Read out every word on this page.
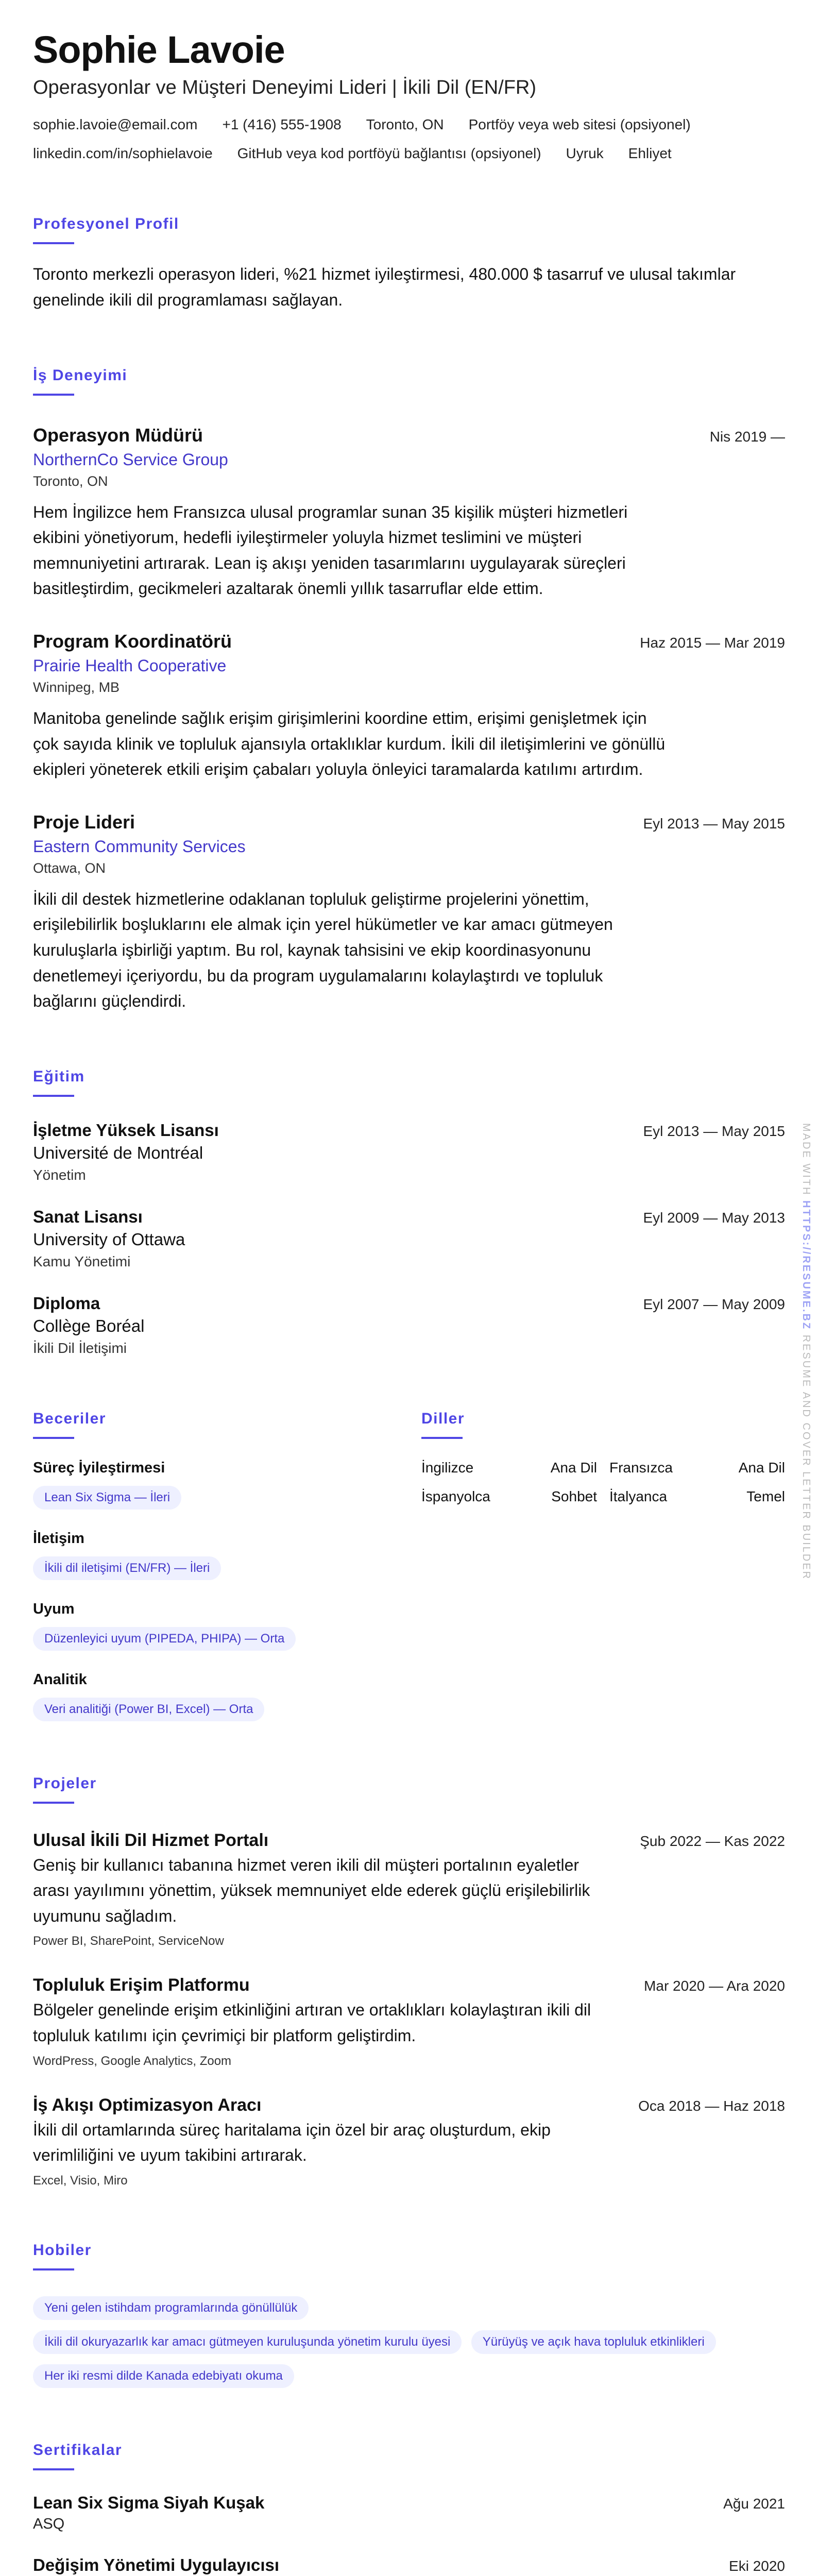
Sophie Lavoie
Operasyonlar ve Müşteri Deneyimi Lideri | İkili Dil (EN/FR)
sophie.lavoie@email.com +1 (416) 555-1908 Toronto, ON Portföy veya web sitesi (opsiyonel)
linkedin.com/in/sophielavoie GitHub veya kod portföyü bağlantısı (opsiyonel) Uyruk Ehliyet
Profesyonel Profil
Toronto merkezli operasyon lideri, %21 hizmet iyileştirmesi, 480.000 $ tasarruf ve ulusal takımlar genelinde ikili dil programlaması sağlayan.
İş Deneyimi
Operasyon Müdürü	Nis 2019 —
NorthernCo Service Group
Toronto, ON
Hem İngilizce hem Fransızca ulusal programlar sunan 35 kişilik müşteri hizmetleri ekibini yönetiyorum, hedefli iyileştirmeler yoluyla hizmet teslimini ve müşteri memnuniyetini artırarak. Lean iş akışı yeniden tasarımlarını uygulayarak süreçleri basitleştirdim, gecikmeleri azaltarak önemli yıllık tasarruflar elde ettim.
Program Koordinatörü	Haz 2015 — Mar 2019
Prairie Health Cooperative
Winnipeg, MB
Manitoba genelinde sağlık erişim girişimlerini koordine ettim, erişimi genişletmek için çok sayıda klinik ve topluluk ajansıyla ortaklıklar kurdum. İkili dil iletişimlerini ve gönüllü ekipleri yöneterek etkili erişim çabaları yoluyla önleyici taramalarda katılımı artırdım.
Proje Lideri	Eyl 2013 — May 2015
Eastern Community Services
Ottawa, ON
İkili dil destek hizmetlerine odaklanan topluluk geliştirme projelerini yönettim, erişilebilirlik boşluklarını ele almak için yerel hükümetler ve kar amacı gütmeyen kuruluşlarla işbirliği yaptım. Bu rol, kaynak tahsisini ve ekip koordinasyonunu denetlemeyi içeriyordu, bu da program uygulamalarını kolaylaştırdı ve topluluk bağlarını güçlendirdi.
Eğitim
İşletme Yüksek Lisansı	Eyl 2013 — May 2015
Université de Montréal
Yönetim
Sanat Lisansı	Eyl 2009 — May 2013
University of Ottawa
Kamu Yönetimi
Diploma	Eyl 2007 — May 2009
Collège Boréal
İkili Dil İletişimi
Beceriler
Süreç İyileştirmesi
Lean Six Sigma — İleri
İletişim
İkili dil iletişimi (EN/FR) — İleri
Uyum
Düzenleyici uyum (PIPEDA, PHIPA) — Orta
Analitik
Veri analitiği (Power BI, Excel) — Orta
Diller
İngilizce	Ana Dil Fransızca	Ana Dil
İspanyolca	Sohbet İtalyanca	Temel
Projeler
Ulusal İkili Dil Hizmet Portalı	Şub 2022 — Kas 2022
Geniş bir kullanıcı tabanına hizmet veren ikili dil müşteri portalının eyaletler arası yayılımını yönettim, yüksek memnuniyet elde ederek güçlü erişilebilirlik uyumunu sağladım.
Power BI, SharePoint, ServiceNow
Topluluk Erişim Platformu	Mar 2020 — Ara 2020
Bölgeler genelinde erişim etkinliğini artıran ve ortaklıkları kolaylaştıran ikili dil topluluk katılımı için çevrimiçi bir platform geliştirdim.
WordPress, Google Analytics, Zoom
İş Akışı Optimizasyon Aracı	Oca 2018 — Haz 2018
İkili dil ortamlarında süreç haritalama için özel bir araç oluşturdum, ekip verimliliğini ve uyum takibini artırarak.
Excel, Visio, Miro
Hobiler
Yeni gelen istihdam programlarında gönüllülük
İkili dil okuryazarlık kar amacı gütmeyen kuruluşunda yönetim kurulu üyesi	Yürüyüş ve açık hava topluluk etkinlikleri
Her iki resmi dilde Kanada edebiyatı okuma
Sertifikalar
Lean Six Sigma Siyah Kuşak	Ağu 2021
ASQ
Değişim Yönetimi Uygulayıcısı	Eki 2020
MADE WITH HTTPS://RESUME.BZ RESUME AND COVER LETTER BUILDER
